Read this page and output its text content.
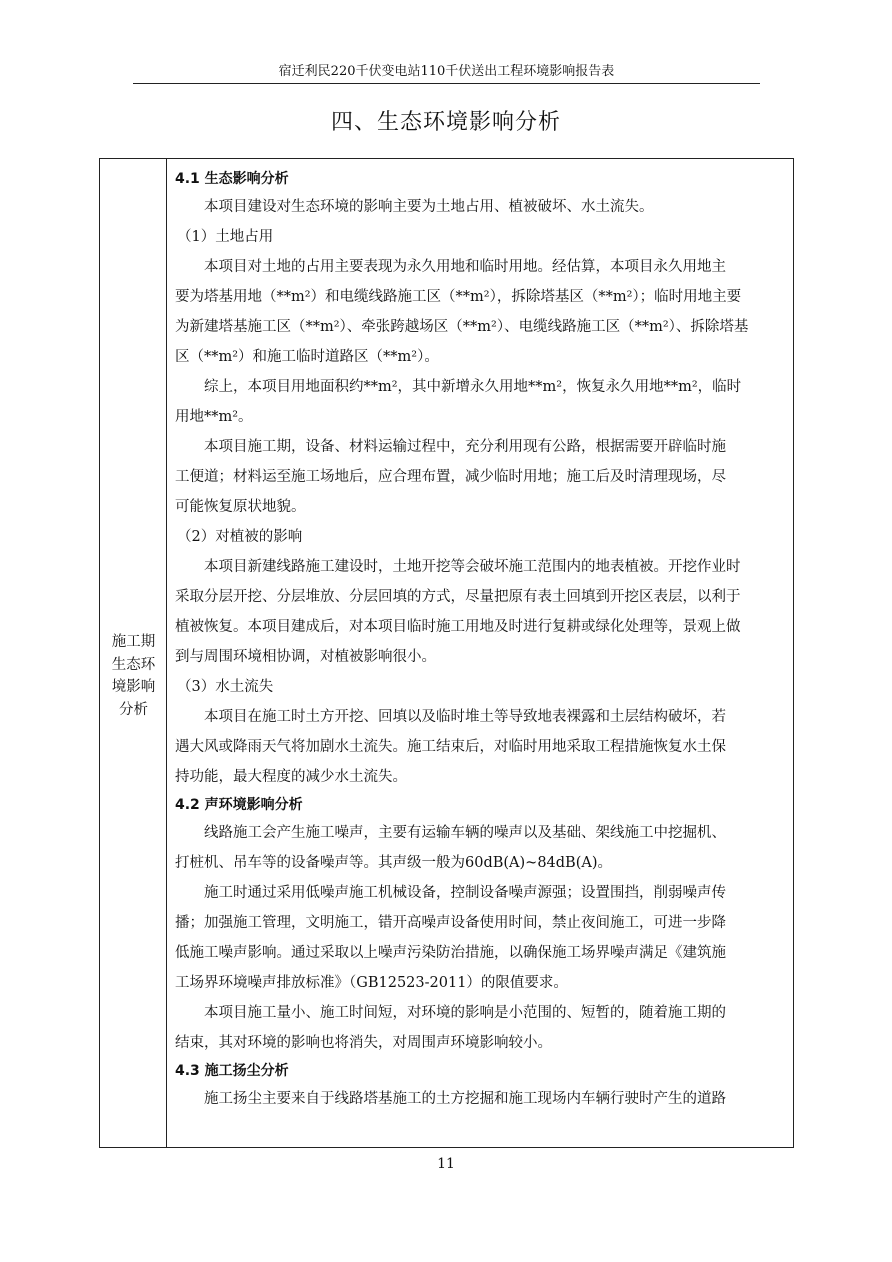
宿迁利民220千伏变电站110千伏送出工程环境影响报告表
四、生态环境影响分析
施工期
生态环
境影响
分析
4.1 生态影响分析
本项目建设对生态环境的影响主要为土地占用、植被破坏、水土流失。
（1）土地占用
本项目对土地的占用主要表现为永久用地和临时用地。经估算，本项目永久用地主
要为塔基用地（**m²）和电缆线路施工区（**m²），拆除塔基区（**m²）；临时用地主要
为新建塔基施工区（**m²）、牵张跨越场区（**m²）、电缆线路施工区（**m²）、拆除塔基
区（**m²）和施工临时道路区（**m²）。
综上，本项目用地面积约**m²，其中新增永久用地**m²，恢复永久用地**m²，临时
用地**m²。
本项目施工期，设备、材料运输过程中，充分利用现有公路，根据需要开辟临时施
工便道；材料运至施工场地后，应合理布置，减少临时用地；施工后及时清理现场，尽
可能恢复原状地貌。
（2）对植被的影响
本项目新建线路施工建设时，土地开挖等会破坏施工范围内的地表植被。开挖作业时
采取分层开挖、分层堆放、分层回填的方式，尽量把原有表土回填到开挖区表层，以利于
植被恢复。本项目建成后，对本项目临时施工用地及时进行复耕或绿化处理等，景观上做
到与周围环境相协调，对植被影响很小。
（3）水土流失
本项目在施工时土方开挖、回填以及临时堆土等导致地表裸露和土层结构破坏，若
遇大风或降雨天气将加剧水土流失。施工结束后，对临时用地采取工程措施恢复水土保
持功能，最大程度的减少水土流失。
4.2 声环境影响分析
线路施工会产生施工噪声，主要有运输车辆的噪声以及基础、架线施工中挖掘机、
打桩机、吊车等的设备噪声等。其声级一般为60dB(A)~84dB(A)。
施工时通过采用低噪声施工机械设备，控制设备噪声源强；设置围挡，削弱噪声传
播；加强施工管理，文明施工，错开高噪声设备使用时间，禁止夜间施工，可进一步降
低施工噪声影响。通过采取以上噪声污染防治措施，以确保施工场界噪声满足《建筑施
工场界环境噪声排放标准》（GB12523-2011）的限值要求。
本项目施工量小、施工时间短，对环境的影响是小范围的、短暂的，随着施工期的
结束，其对环境的影响也将消失，对周围声环境影响较小。
4.3 施工扬尘分析
施工扬尘主要来自于线路塔基施工的土方挖掘和施工现场内车辆行驶时产生的道路
11
